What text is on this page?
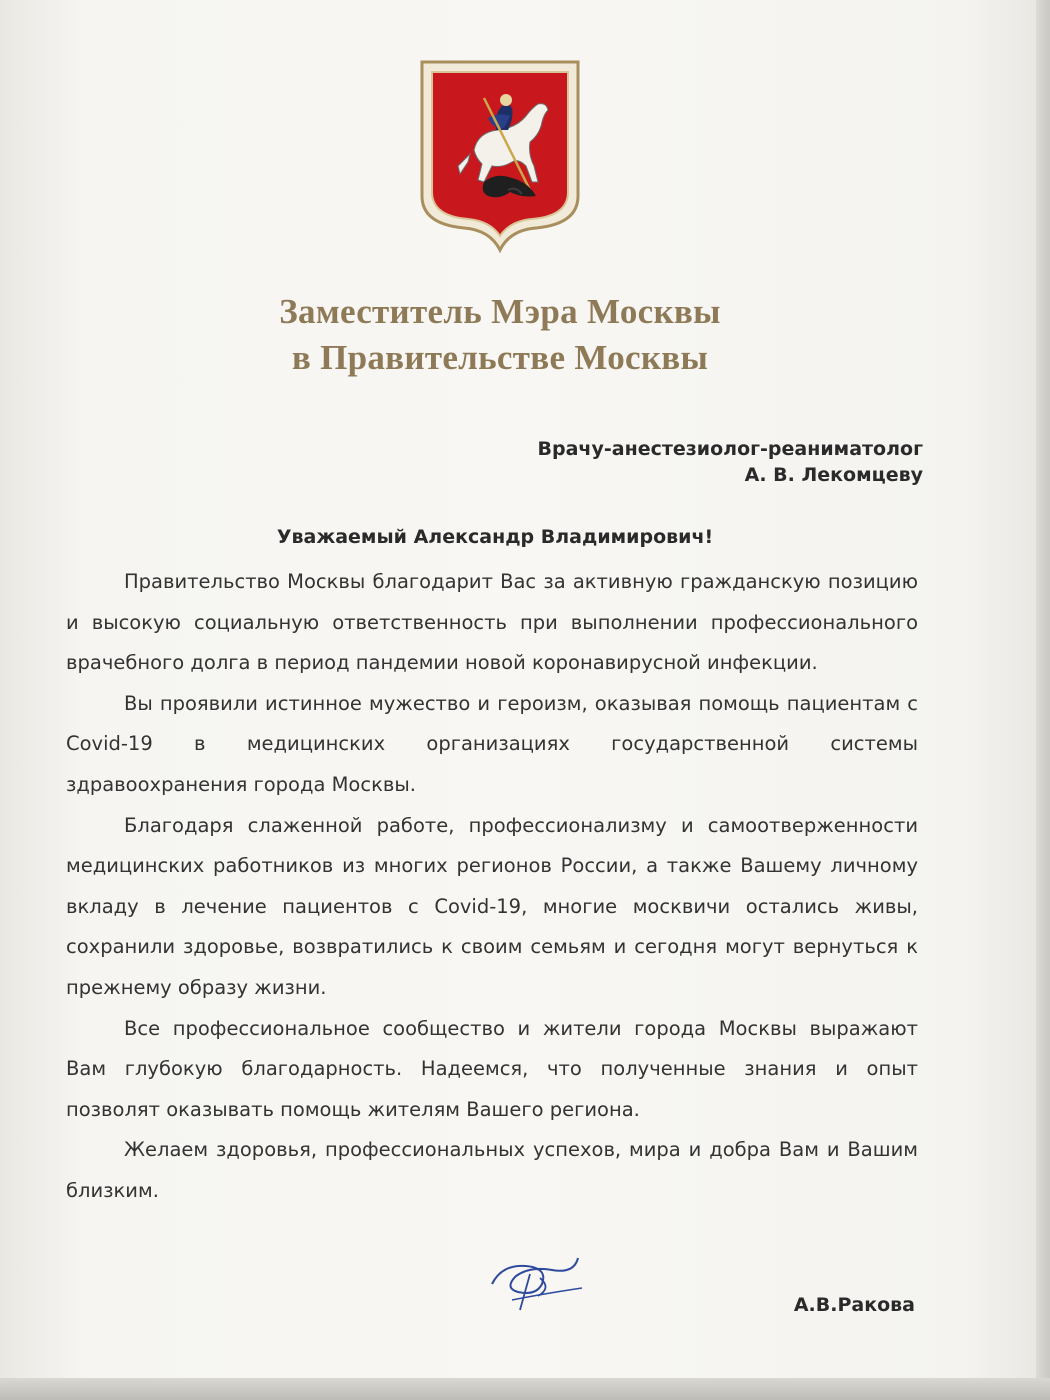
Заместитель Мэра Москвы
в Правительстве Москвы
Врачу-анестезиолог-реаниматолог
А. В. Лекомцеву
Уважаемый Александр Владимирович!

Правительство Москвы благодарит Вас за активную гражданскую позицию и высокую социальную ответственность при выполнении профессионального врачебного долга в период пандемии новой коронавирусной инфекции.

Вы проявили истинное мужество и героизм, оказывая помощь пациентам с Covid-19 в медицинских организациях государственной системы здравоохранения города Москвы.

Благодаря слаженной работе, профессионализму и самоотверженности медицинских работников из многих регионов России, а также Вашему личному вкладу в лечение пациентов с Covid-19, многие москвичи остались живы, сохранили здоровье, возвратились к своим семьям и сегодня могут вернуться к прежнему образу жизни.

Все профессиональное сообщество и жители города Москвы выражают Вам глубокую благодарность. Надеемся, что полученные знания и опыт позволят оказывать помощь жителям Вашего региона.

Желаем здоровья, профессиональных успехов, мира и добра Вам и Вашим близким.

А.В.Ракова
